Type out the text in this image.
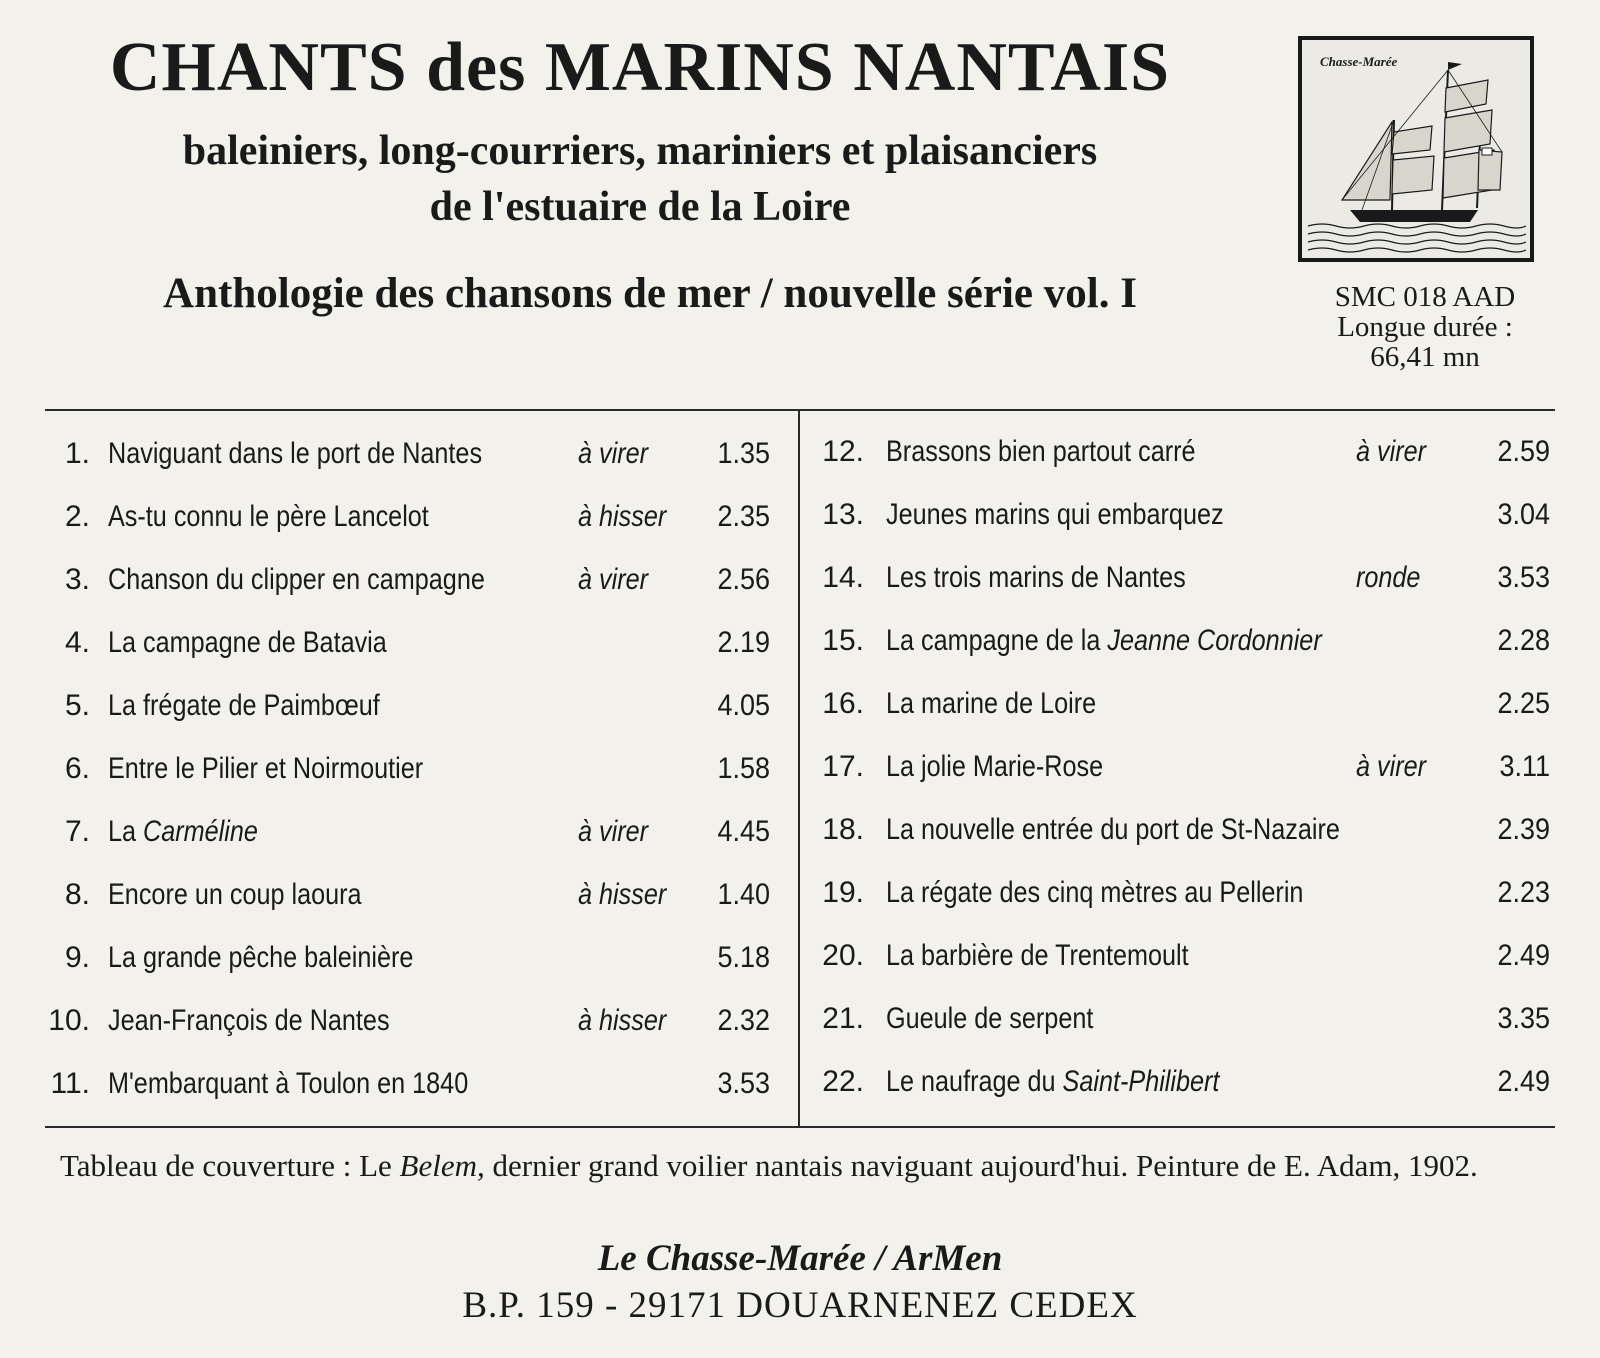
CHANTS des MARINS NANTAIS
baleiniers, long-courriers, mariniers et plaisanciers
de l'estuaire de la Loire
Anthologie des chansons de mer / nouvelle série vol. I
Chasse-Marée
SMC 018 AAD
Longue durée :
66,41 mn
1. Naviguant dans le port de Nantes	à virer	1.35
2. As-tu connu le père Lancelot	à hisser	2.35
3. Chanson du clipper en campagne	à virer	2.56
4. La campagne de Batavia	2.19
5. La frégate de Paimbœuf	4.05
6. Entre le Pilier et Noirmoutier	1.58
7. La Carméline	à virer	4.45
8. Encore un coup laoura	à hisser	1.40
9. La grande pêche baleinière	5.18
10. Jean-François de Nantes	à hisser	2.32
11. M'embarquant à Toulon en 1840	3.53
12. Brassons bien partout carré	à virer	2.59
13. Jeunes marins qui embarquez	3.04
14. Les trois marins de Nantes	ronde	3.53
15. La campagne de la Jeanne Cordonnier	2.28
16. La marine de Loire	2.25
17. La jolie Marie-Rose	à virer	3.11
18. La nouvelle entrée du port de St-Nazaire	2.39
19. La régate des cinq mètres au Pellerin	2.23
20. La barbière de Trentemoult	2.49
21. Gueule de serpent	3.35
22. Le naufrage du Saint-Philibert	2.49
Tableau de couverture : Le Belem, dernier grand voilier nantais naviguant aujourd'hui. Peinture de E. Adam, 1902.
Le Chasse-Marée / ArMen
B.P. 159 - 29171 DOUARNENEZ CEDEX
